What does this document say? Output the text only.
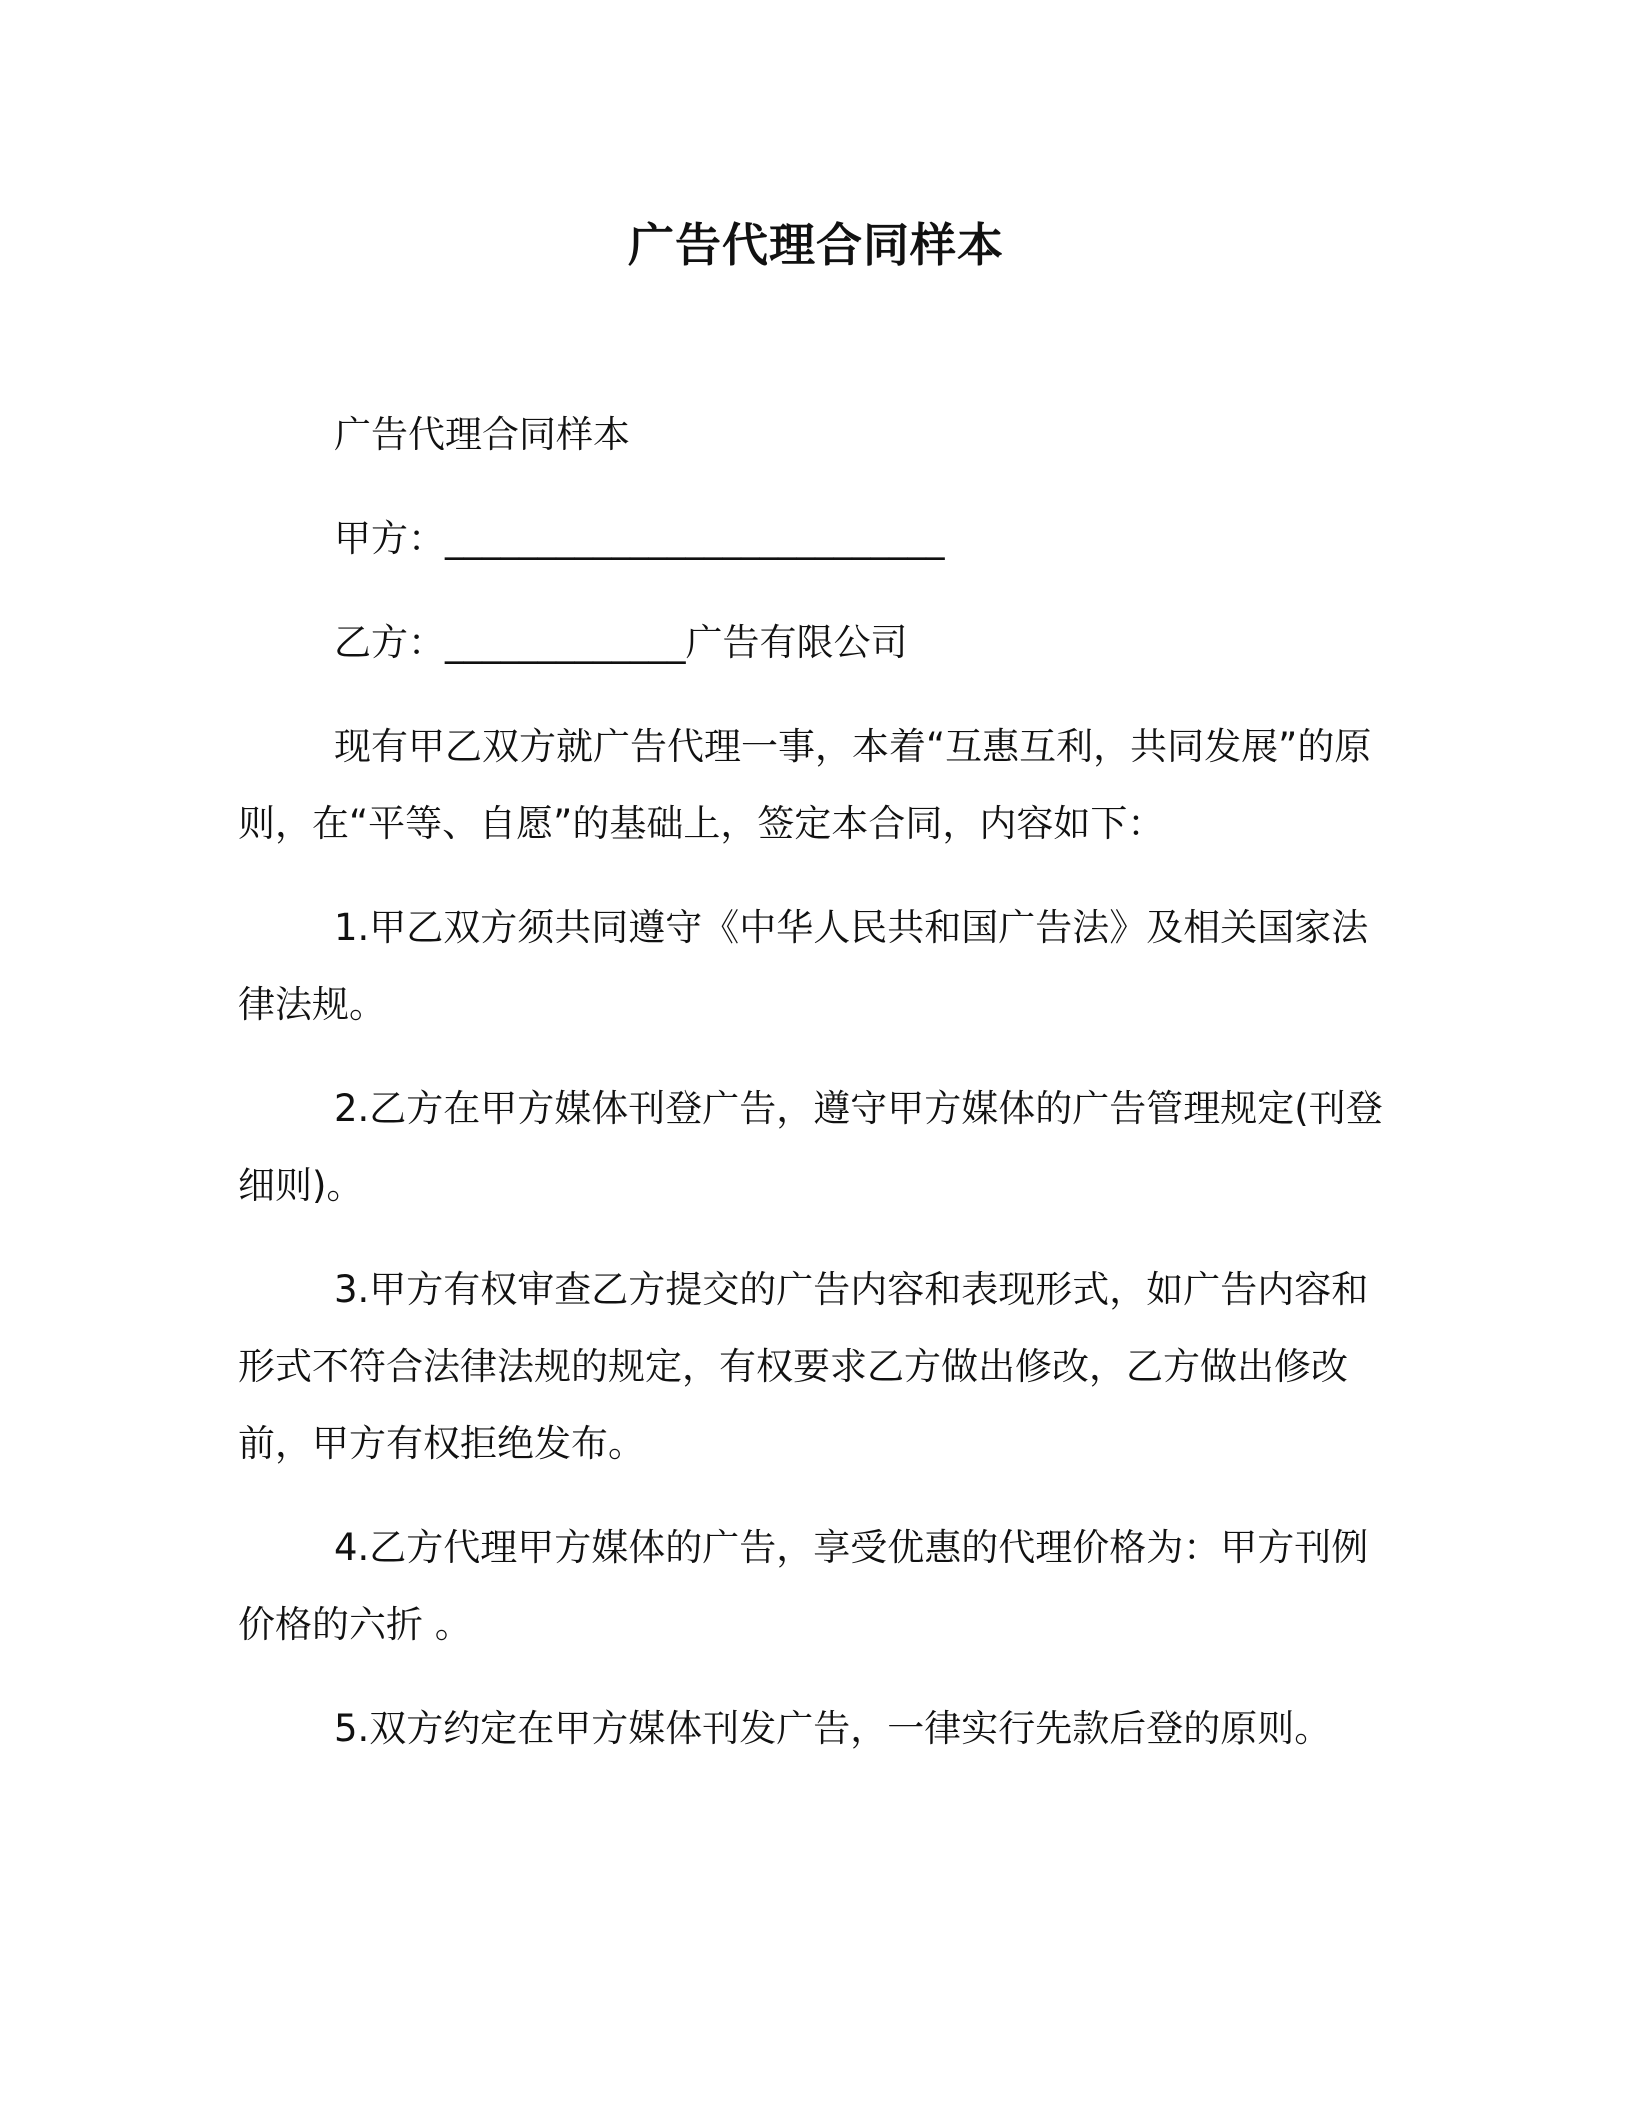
广告代理合同样本

广告代理合同样本

甲方：___________________________

乙方：_____________广告有限公司

现有甲乙双方就广告代理一事，本着“互惠互利，共同发展”的原则，在“平等、自愿”的基础上，签定本合同，内容如下：

1.甲乙双方须共同遵守《中华人民共和国广告法》及相关国家法律法规。

2.乙方在甲方媒体刊登广告，遵守甲方媒体的广告管理规定(刊登细则)。

3.甲方有权审查乙方提交的广告内容和表现形式，如广告内容和形式不符合法律法规的规定，有权要求乙方做出修改，乙方做出修改前，甲方有权拒绝发布。

4.乙方代理甲方媒体的广告，享受优惠的代理价格为：甲方刊例价格的六折 。

5.双方约定在甲方媒体刊发广告，一律实行先款后登的原则。
